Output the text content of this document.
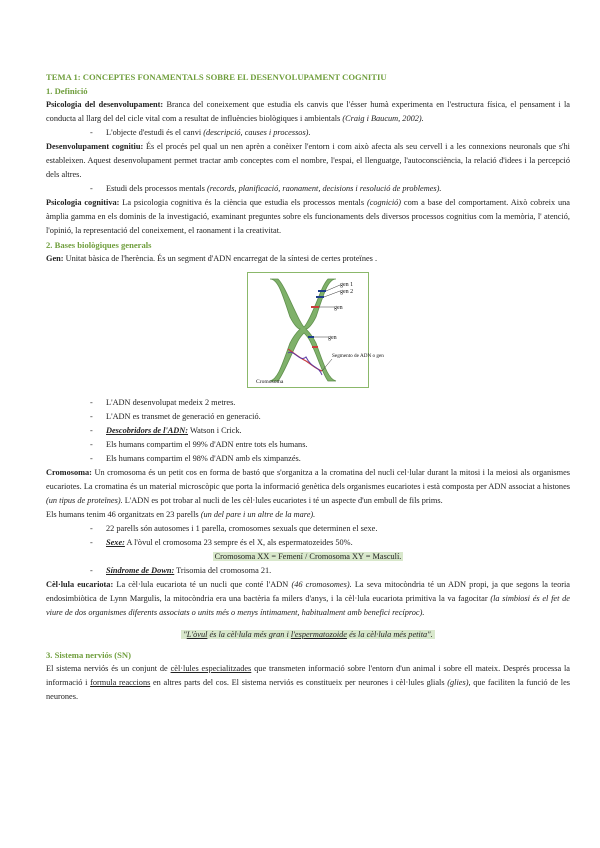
TEMA 1: CONCEPTES FONAMENTALS SOBRE EL DESENVOLUPAMENT COGNITIU
1. Definició

Psicologia del desenvolupament: Branca del coneixement que estudia els canvis que l'ésser humà experimenta en l'estructura física, el pensament i la conducta al llarg del del cicle vital com a resultat de influències biològiques i ambientals (Craig i Baucum, 2002).

- L'objecte d'estudi és el canvi (descripció, causes i processos).

Desenvolupament cognitiu: És el procés pel qual un nen aprèn a conèixer l'entorn i com això afecta als seu cervell i a les connexions neuronals que s'hi estableixen. Aquest desenvolupament permet tractar amb conceptes com el nombre, l'espai, el llenguatge, l'autoconsciència, la relació d'idees i la percepció dels altres.

- Estudi dels processos mentals (records, planificació, raonament, decisions i resolució de problemes).

Psicologia cognitiva: La psicologia cognitiva és la ciència que estudia els processos mentals (cognició) com a base del comportament. Això cobreix una àmplia gamma en els dominis de la investigació, examinant preguntes sobre els funcionaments dels diversos processos cognitius com la memòria, l' atenció, l'opinió, la representació del coneixement, el raonament i la creativitat.

2. Bases biològiques generals

Gen: Unitat bàsica de l'herència. És un segment d'ADN encarregat de la síntesi de certes proteïnes .

gen 1
gen 2
gen
gen
Segmento de ADN o gen
Cromosoma
- L'ADN desenvolupat medeix 2 metres.
- L'ADN es transmet de generació en generació.
- Descobridors de l'ADN: Watson i Crick.
- Els humans compartim el 99% d'ADN entre tots els humans.
- Els humans compartim el 98% d'ADN amb els ximpanzés.

Cromosoma: Un cromosoma és un petit cos en forma de bastó que s'organitza a la cromatina del nucli cel·lular durant la mitosi i la meiosi als organismes eucariotes. La cromatina és un material microscòpic que porta la informació genètica dels organismes eucariotes i està composta per ADN associat a histones (un tipus de proteïnes). L'ADN es pot trobar al nucli de les cèl·lules eucariotes i té un aspecte d'un embull de fils prims.

Els humans tenim 46 organitzats en 23 parells (un del pare i un altre de la mare).

- 22 parells són autosomes i 1 parella, cromosomes sexuals que determinen el sexe.
- Sexe: A l'òvul el cromosoma 23 sempre és el X, als espermatozeides 50%.

Cromosoma XX = Femení / Cromosoma XY = Masculí.

- Síndrome de Down: Trisomia del cromosoma 21.

Cèl·lula eucariota: La cèl·lula eucariota té un nucli que conté l'ADN (46 cromosomes). La seva mitocòndria té un ADN propi, ja que segons la teoria endosimbiòtica de Lynn Margulis, la mitocòndria era una bactèria fa milers d'anys, i la cèl·lula eucariota primitiva la va fagocitar (la simbiosi és el fet de viure de dos organismes diferents associats o units més o menys íntimament, habitualment amb benefici recíproc).

"L'òvul és la cèl·lula més gran i l'espermatozoide és la cèl·lula més petita".

3. Sistema nerviós (SN)

El sistema nerviós és un conjunt de cèl·lules especialitzades que transmeten informació sobre l'entorn d'un animal i sobre ell mateix. Després processa la informació i formula reaccions en altres parts del cos. El sistema nerviós es constitueix per neurones i cèl·lules glials (glies), que faciliten la funció de les neurones.
